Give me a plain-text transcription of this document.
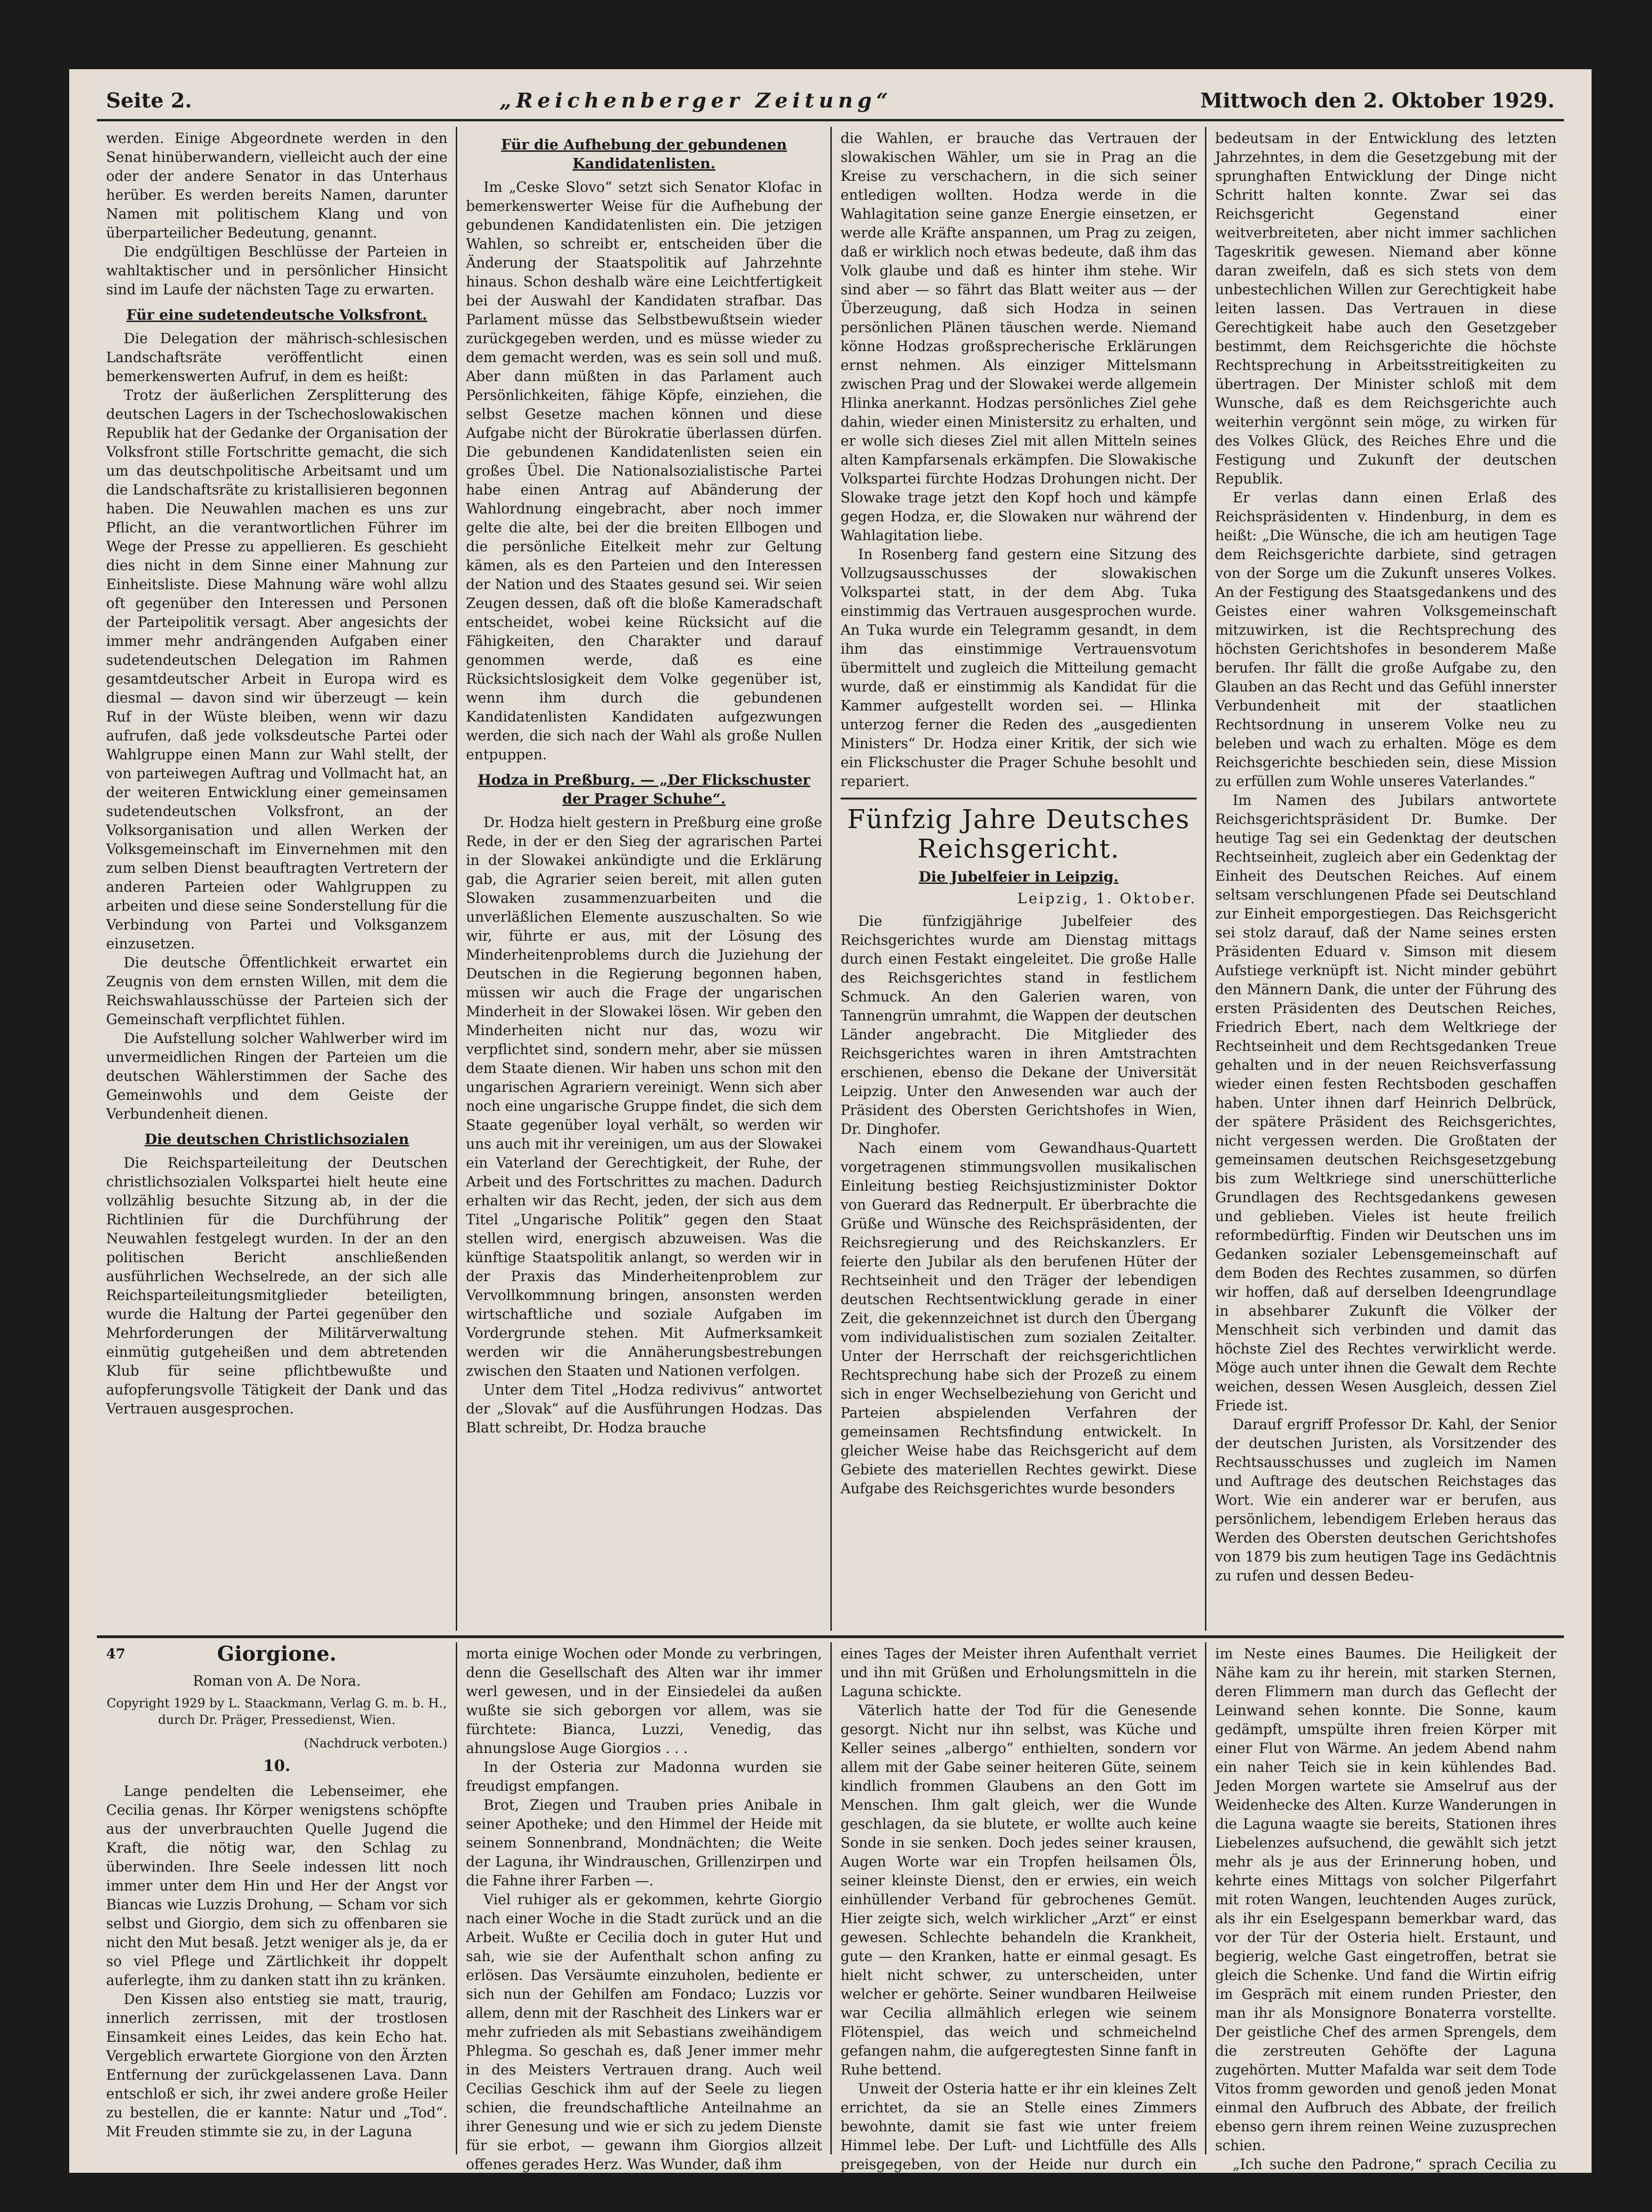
Seite 2.	„Reichenberger Zeitung“	Mittwoch den 2. Oktober 1929.

werden. Einige Abgeordnete werden in den Senat hinüberwandern, vielleicht auch der eine oder der andere Senator in das Unterhaus herüber. Es werden bereits Namen, darunter Namen mit politischem Klang und von überparteilicher Bedeutung, genannt.

Die endgültigen Beschlüsse der Parteien in wahltaktischer und in persönlicher Hinsicht sind im Laufe der nächsten Tage zu erwarten.

Für eine sudetendeutsche Volksfront.

Die Delegation der mährisch-schlesischen Landschaftsräte veröffentlicht einen bemerkenswerten Aufruf, in dem es heißt:

Trotz der äußerlichen Zersplitterung des deutschen Lagers in der Tschechoslowakischen Republik hat der Gedanke der Organisation der Volksfront stille Fortschritte gemacht, die sich um das deutschpolitische Arbeitsamt und um die Landschaftsräte zu kristallisieren begonnen haben. Die Neuwahlen machen es uns zur Pflicht, an die verantwortlichen Führer im Wege der Presse zu appellieren. Es geschieht dies nicht in dem Sinne einer Mahnung zur Einheitsliste. Diese Mahnung wäre wohl allzu oft gegenüber den Interessen und Personen der Parteipolitik versagt. Aber angesichts der immer mehr andrängenden Aufgaben einer sudetendeutschen Delegation im Rahmen gesamtdeutscher Arbeit in Europa wird es diesmal — davon sind wir überzeugt — kein Ruf in der Wüste bleiben, wenn wir dazu aufrufen, daß jede volksdeutsche Partei oder Wahlgruppe einen Mann zur Wahl stellt, der von parteiwegen Auftrag und Vollmacht hat, an der weiteren Entwicklung einer gemeinsamen sudetendeutschen Volksfront, an der Volksorganisation und allen Werken der Volksgemeinschaft im Einvernehmen mit den zum selben Dienst beauftragten Vertretern der anderen Parteien oder Wahlgruppen zu arbeiten und diese seine Sonderstellung für die Verbindung von Partei und Volksganzem einzusetzen.

Die deutsche Öffentlichkeit erwartet ein Zeugnis von dem ernsten Willen, mit dem die Reichswahlausschüsse der Parteien sich der Gemeinschaft verpflichtet fühlen.

Die Aufstellung solcher Wahlwerber wird im unvermeidlichen Ringen der Parteien um die deutschen Wählerstimmen der Sache des Gemeinwohls und dem Geiste der Verbundenheit dienen.

Die deutschen Christlichsozialen

Die Reichsparteileitung der Deutschen christlichsozialen Volkspartei hielt heute eine vollzählig besuchte Sitzung ab, in der die Richtlinien für die Durchführung der Neuwahlen festgelegt wurden. In der an den politischen Bericht anschließenden ausführlichen Wechselrede, an der sich alle Reichsparteileitungsmitglieder beteiligten, wurde die Haltung der Partei gegenüber den Mehrforderungen der Militärverwaltung einmütig gutgeheißen und dem abtretenden Klub für seine pflichtbewußte und aufopferungsvolle Tätigkeit der Dank und das Vertrauen ausgesprochen.

Für die Aufhebung der gebundenen Kandidatenlisten.

Im „Ceske Slovo“ setzt sich Senator Klofac in bemerkenswerter Weise für die Aufhebung der gebundenen Kandidatenlisten ein. Die jetzigen Wahlen, so schreibt er, entscheiden über die Änderung der Staatspolitik auf Jahrzehnte hinaus. Schon deshalb wäre eine Leichtfertigkeit bei der Auswahl der Kandidaten strafbar. Das Parlament müsse das Selbstbewußtsein wieder zurückgegeben werden, und es müsse wieder zu dem gemacht werden, was es sein soll und muß. Aber dann müßten in das Parlament auch Persönlichkeiten, fähige Köpfe, einziehen, die selbst Gesetze machen können und diese Aufgabe nicht der Bürokratie überlassen dürfen. Die gebundenen Kandidatenlisten seien ein großes Übel. Die Nationalsozialistische Partei habe einen Antrag auf Abänderung der Wahlordnung eingebracht, aber noch immer gelte die alte, bei der die breiten Ellbogen und die persönliche Eitelkeit mehr zur Geltung kämen, als es den Parteien und den Interessen der Nation und des Staates gesund sei. Wir seien Zeugen dessen, daß oft die bloße Kameradschaft entscheidet, wobei keine Rücksicht auf die Fähigkeiten, den Charakter und darauf genommen werde, daß es eine Rücksichtslosigkeit dem Volke gegenüber ist, wenn ihm durch die gebundenen Kandidatenlisten Kandidaten aufgezwungen werden, die sich nach der Wahl als große Nullen entpuppen.

Hodza in Preßburg. — „Der Flickschuster der Prager Schuhe“.

Dr. Hodza hielt gestern in Preßburg eine große Rede, in der er den Sieg der agrarischen Partei in der Slowakei ankündigte und die Erklärung gab, die Agrarier seien bereit, mit allen guten Slowaken zusammenzuarbeiten und die unverläßlichen Elemente auszuschalten. So wie wir, führte er aus, mit der Lösung des Minderheitenproblems durch die Juziehung der Deutschen in die Regierung begonnen haben, müssen wir auch die Frage der ungarischen Minderheit in der Slowakei lösen. Wir geben den Minderheiten nicht nur das, wozu wir verpflichtet sind, sondern mehr, aber sie müssen dem Staate dienen. Wir haben uns schon mit den ungarischen Agrariern vereinigt. Wenn sich aber noch eine ungarische Gruppe findet, die sich dem Staate gegenüber loyal verhält, so werden wir uns auch mit ihr vereinigen, um aus der Slowakei ein Vaterland der Gerechtigkeit, der Ruhe, der Arbeit und des Fortschrittes zu machen. Dadurch erhalten wir das Recht, jeden, der sich aus dem Titel „Ungarische Politik“ gegen den Staat stellen wird, energisch abzuweisen. Was die künftige Staatspolitik anlangt, so werden wir in der Praxis das Minderheitenproblem zur Vervollkommnung bringen, ansonsten werden wirtschaftliche und soziale Aufgaben im Vordergrunde stehen. Mit Aufmerksamkeit werden wir die Annäherungsbestrebungen zwischen den Staaten und Nationen verfolgen.

Unter dem Titel „Hodza redivivus“ antwortet der „Slovak“ auf die Ausführungen Hodzas. Das Blatt schreibt, Dr. Hodza brauche

die Wahlen, er brauche das Vertrauen der slowakischen Wähler, um sie in Prag an die Kreise zu verschachern, in die sich seiner entledigen wollten. Hodza werde in die Wahlagitation seine ganze Energie einsetzen, er werde alle Kräfte anspannen, um Prag zu zeigen, daß er wirklich noch etwas bedeute, daß ihm das Volk glaube und daß es hinter ihm stehe. Wir sind aber — so fährt das Blatt weiter aus — der Überzeugung, daß sich Hodza in seinen persönlichen Plänen täuschen werde. Niemand könne Hodzas großsprecherische Erklärungen ernst nehmen. Als einziger Mittelsmann zwischen Prag und der Slowakei werde allgemein Hlinka anerkannt. Hodzas persönliches Ziel gehe dahin, wieder einen Ministersitz zu erhalten, und er wolle sich dieses Ziel mit allen Mitteln seines alten Kampfarsenals erkämpfen. Die Slowakische Volkspartei fürchte Hodzas Drohungen nicht. Der Slowake trage jetzt den Kopf hoch und kämpfe gegen Hodza, er, die Slowaken nur während der Wahlagitation liebe.

In Rosenberg fand gestern eine Sitzung des Vollzugsausschusses der slowakischen Volkspartei statt, in der dem Abg. Tuka einstimmig das Vertrauen ausgesprochen wurde. An Tuka wurde ein Telegramm gesandt, in dem ihm das einstimmige Vertrauensvotum übermittelt und zugleich die Mitteilung gemacht wurde, daß er einstimmig als Kandidat für die Kammer aufgestellt worden sei. — Hlinka unterzog ferner die Reden des „ausgedienten Ministers“ Dr. Hodza einer Kritik, der sich wie ein Flickschuster die Prager Schuhe besohlt und repariert.

Fünfzig Jahre Deutsches Reichsgericht.
Die Jubelfeier in Leipzig.
Leipzig, 1. Oktober.

Die fünfzigjährige Jubelfeier des Reichsgerichtes wurde am Dienstag mittags durch einen Festakt eingeleitet. Die große Halle des Reichsgerichtes stand in festlichem Schmuck. An den Galerien waren, von Tannengrün umrahmt, die Wappen der deutschen Länder angebracht. Die Mitglieder des Reichsgerichtes waren in ihren Amtstrachten erschienen, ebenso die Dekane der Universität Leipzig. Unter den Anwesenden war auch der Präsident des Obersten Gerichtshofes in Wien, Dr. Dinghofer.

Nach einem vom Gewandhaus-Quartett vorgetragenen stimmungsvollen musikalischen Einleitung bestieg Reichsjustizminister Doktor von Guerard das Rednerpult. Er überbrachte die Grüße und Wünsche des Reichspräsidenten, der Reichsregierung und des Reichskanzlers. Er feierte den Jubilar als den berufenen Hüter der Rechtseinheit und den Träger der lebendigen deutschen Rechtsentwicklung gerade in einer Zeit, die gekennzeichnet ist durch den Übergang vom individualistischen zum sozialen Zeitalter. Unter der Herrschaft der reichsgerichtlichen Rechtsprechung habe sich der Prozeß zu einem sich in enger Wechselbeziehung von Gericht und Parteien abspielenden Verfahren der gemeinsamen Rechtsfindung entwickelt. In gleicher Weise habe das Reichsgericht auf dem Gebiete des materiellen Rechtes gewirkt. Diese Aufgabe des Reichsgerichtes wurde besonders

bedeutsam in der Entwicklung des letzten Jahrzehntes, in dem die Gesetzgebung mit der sprunghaften Entwicklung der Dinge nicht Schritt halten konnte. Zwar sei das Reichsgericht Gegenstand einer weitverbreiteten, aber nicht immer sachlichen Tageskritik gewesen. Niemand aber könne daran zweifeln, daß es sich stets von dem unbestechlichen Willen zur Gerechtigkeit habe leiten lassen. Das Vertrauen in diese Gerechtigkeit habe auch den Gesetzgeber bestimmt, dem Reichsgerichte die höchste Rechtsprechung in Arbeitsstreitigkeiten zu übertragen. Der Minister schloß mit dem Wunsche, daß es dem Reichsgerichte auch weiterhin vergönnt sein möge, zu wirken für des Volkes Glück, des Reiches Ehre und die Festigung und Zukunft der deutschen Republik.

Er verlas dann einen Erlaß des Reichspräsidenten v. Hindenburg, in dem es heißt: „Die Wünsche, die ich am heutigen Tage dem Reichsgerichte darbiete, sind getragen von der Sorge um die Zukunft unseres Volkes. An der Festigung des Staatsgedankens und des Geistes einer wahren Volksgemeinschaft mitzuwirken, ist die Rechtsprechung des höchsten Gerichtshofes in besonderem Maße berufen. Ihr fällt die große Aufgabe zu, den Glauben an das Recht und das Gefühl innerster Verbundenheit mit der staatlichen Rechtsordnung in unserem Volke neu zu beleben und wach zu erhalten. Möge es dem Reichsgerichte beschieden sein, diese Mission zu erfüllen zum Wohle unseres Vaterlandes.“

Im Namen des Jubilars antwortete Reichsgerichtspräsident Dr. Bumke. Der heutige Tag sei ein Gedenktag der deutschen Rechtseinheit, zugleich aber ein Gedenktag der Einheit des Deutschen Reiches. Auf einem seltsam verschlungenen Pfade sei Deutschland zur Einheit emporgestiegen. Das Reichsgericht sei stolz darauf, daß der Name seines ersten Präsidenten Eduard v. Simson mit diesem Aufstiege verknüpft ist. Nicht minder gebührt den Männern Dank, die unter der Führung des ersten Präsidenten des Deutschen Reiches, Friedrich Ebert, nach dem Weltkriege der Rechtseinheit und dem Rechtsgedanken Treue gehalten und in der neuen Reichsverfassung wieder einen festen Rechtsboden geschaffen haben. Unter ihnen darf Heinrich Delbrück, der spätere Präsident des Reichsgerichtes, nicht vergessen werden. Die Großtaten der gemeinsamen deutschen Reichsgesetzgebung bis zum Weltkriege sind unerschütterliche Grundlagen des Rechtsgedankens gewesen und geblieben. Vieles ist heute freilich reformbedürftig. Finden wir Deutschen uns im Gedanken sozialer Lebensgemeinschaft auf dem Boden des Rechtes zusammen, so dürfen wir hoffen, daß auf derselben Ideengrundlage in absehbarer Zukunft die Völker der Menschheit sich verbinden und damit das höchste Ziel des Rechtes verwirklicht werde. Möge auch unter ihnen die Gewalt dem Rechte weichen, dessen Wesen Ausgleich, dessen Ziel Friede ist.

Darauf ergriff Professor Dr. Kahl, der Senior der deutschen Juristen, als Vorsitzender des Rechtsausschusses und zugleich im Namen und Auftrage des deutschen Reichstages das Wort. Wie ein anderer war er berufen, aus persönlichem, lebendigem Erleben heraus das Werden des Obersten deutschen Gerichtshofes von 1879 bis zum heutigen Tage ins Gedächtnis zu rufen und dessen Bedeu-

47	Giorgione.

Roman von A. De Nora.

Copyright 1929 by L. Staackmann, Verlag G. m. b. H., durch Dr. Präger, Pressedienst, Wien.

(Nachdruck verboten.)

10.

Lange pendelten die Lebenseimer, ehe Cecilia genas. Ihr Körper wenigstens schöpfte aus der unverbrauchten Quelle Jugend die Kraft, die nötig war, den Schlag zu überwinden. Ihre Seele indessen litt noch immer unter dem Hin und Her der Angst vor Biancas wie Luzzis Drohung, — Scham vor sich selbst und Giorgio, dem sich zu offenbaren sie nicht den Mut besaß. Jetzt weniger als je, da er so viel Pflege und Zärtlichkeit ihr doppelt auferlegte, ihm zu danken statt ihn zu kränken.

Den Kissen also entstieg sie matt, traurig, innerlich zerrissen, mit der trostlosen Einsamkeit eines Leides, das kein Echo hat. Vergeblich erwartete Giorgione von den Ärzten Entfernung der zurückgelassenen Lava. Dann entschloß er sich, ihr zwei andere große Heiler zu bestellen, die er kannte: Natur und „Tod“. Mit Freuden stimmte sie zu, in der Laguna

morta einige Wochen oder Monde zu verbringen, denn die Gesellschaft des Alten war ihr immer werl gewesen, und in der Einsiedelei da außen wußte sie sich geborgen vor allem, was sie fürchtete: Bianca, Luzzi, Venedig, das ahnungslose Auge Giorgios . . .

In der Osteria zur Madonna wurden sie freudigst empfangen.

Brot, Ziegen und Trauben pries Anibale in seiner Apotheke; und den Himmel der Heide mit seinem Sonnenbrand, Mondnächten; die Weite der Laguna, ihr Windrauschen, Grillenzirpen und die Fahne ihrer Farben —.

Viel ruhiger als er gekommen, kehrte Giorgio nach einer Woche in die Stadt zurück und an die Arbeit. Wußte er Cecilia doch in guter Hut und sah, wie sie der Aufenthalt schon anfing zu erlösen. Das Versäumte einzuholen, bediente er sich nun der Gehilfen am Fondaco; Luzzis vor allem, denn mit der Raschheit des Linkers war er mehr zufrieden als mit Sebastians zweihändigem Phlegma. So geschah es, daß Jener immer mehr in des Meisters Vertrauen drang. Auch weil Cecilias Geschick ihm auf der Seele zu liegen schien, die freundschaftliche Anteilnahme an ihrer Genesung und wie er sich zu jedem Dienste für sie erbot, — gewann ihm Giorgios allzeit offenes gerades Herz. Was Wunder, daß ihm

eines Tages der Meister ihren Aufenthalt verriet und ihn mit Grüßen und Erholungsmitteln in die Laguna schickte.

Väterlich hatte der Tod für die Genesende gesorgt. Nicht nur ihn selbst, was Küche und Keller seines „albergo“ enthielten, sondern vor allem mit der Gabe seiner heiteren Güte, seinem kindlich frommen Glaubens an den Gott im Menschen. Ihm galt gleich, wer die Wunde geschlagen, da sie blutete, er wollte auch keine Sonde in sie senken. Doch jedes seiner krausen, Augen Worte war ein Tropfen heilsamen Öls, seiner kleinste Dienst, den er erwies, ein weich einhüllender Verband für gebrochenes Gemüt. Hier zeigte sich, welch wirklicher „Arzt“ er einst gewesen. Schlechte behandeln die Krankheit, gute — den Kranken, hatte er einmal gesagt. Es hielt nicht schwer, zu unterscheiden, unter welcher er gehörte. Seiner wundbaren Heilweise war Cecilia allmählich erlegen wie seinem Flötenspiel, das weich und schmeichelnd gefangen nahm, die aufgeregtesten Sinne fanft in Ruhe bettend.

Unweit der Osteria hatte er ihr ein kleines Zelt errichtet, da sie an Stelle eines Zimmers bewohnte, damit sie fast wie unter freiem Himmel lebe. Der Luft- und Lichtfülle des Alls preisgegeben, von der Heide nur durch ein dünnes Tuch getrennt, — gleichsam

im Neste eines Baumes. Die Heiligkeit der Nähe kam zu ihr herein, mit starken Sternen, deren Flimmern man durch das Geflecht der Leinwand sehen konnte. Die Sonne, kaum gedämpft, umspülte ihren freien Körper mit einer Flut von Wärme. An jedem Abend nahm ein naher Teich sie in kein kühlendes Bad. Jeden Morgen wartete sie Amselruf aus der Weidenhecke des Alten. Kurze Wanderungen in die Laguna waagte sie bereits, Stationen ihres Liebelenzes aufsuchend, die gewählt sich jetzt mehr als je aus der Erinnerung hoben, und kehrte eines Mittags von solcher Pilgerfahrt mit roten Wangen, leuchtenden Auges zurück, als ihr ein Eselgespann bemerkbar ward, das vor der Tür der Osteria hielt. Erstaunt, und begierig, welche Gast eingetroffen, betrat sie gleich die Schenke. Und fand die Wirtin eifrig im Gespräch mit einem runden Priester, den man ihr als Monsignore Bonaterra vorstellte. Der geistliche Chef des armen Sprengels, dem die zerstreuten Gehöfte der Laguna zugehörten. Mutter Mafalda war seit dem Tode Vitos fromm geworden und genoß jeden Monat einmal den Aufbruch des Abbate, der freilich ebenso gern ihrem reinen Weine zuzusprechen schien.

„Ich suche den Padrone,“ sprach Cecilia zu ihr Eindringen in die geistliche Stunde zu entschuldigen.
